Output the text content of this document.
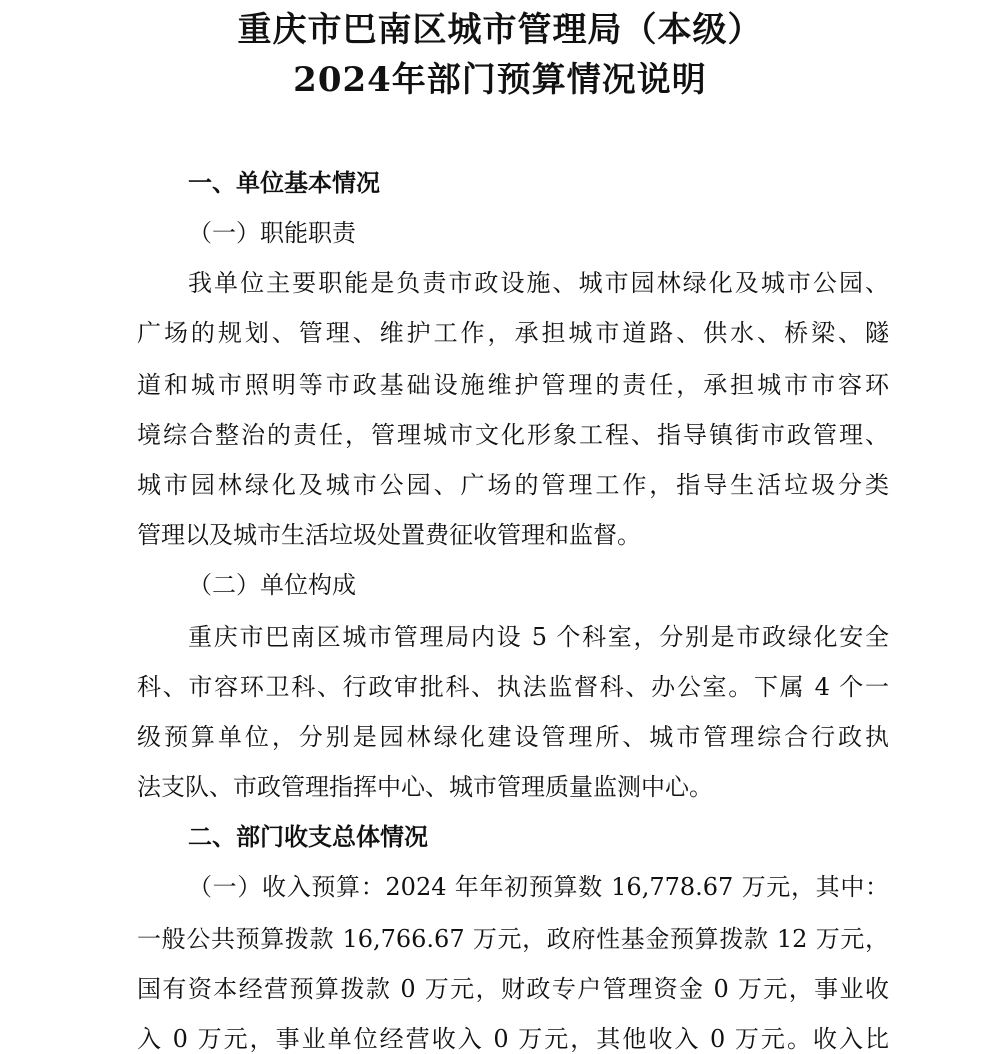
重庆市巴南区城市管理局（本级）
2024年部门预算情况说明
一、单位基本情况
（一）职能职责
我单位主要职能是负责市政设施、城市园林绿化及城市公园、
广场的规划、管理、维护工作，承担城市道路、供水、桥梁、隧
道和城市照明等市政基础设施维护管理的责任，承担城市市容环
境综合整治的责任，管理城市文化形象工程、指导镇街市政管理、
城市园林绿化及城市公园、广场的管理工作，指导生活垃圾分类
管理以及城市生活垃圾处置费征收管理和监督。
（二）单位构成
重庆市巴南区城市管理局内设 5 个科室，分别是市政绿化安全
科、市容环卫科、行政审批科、执法监督科、办公室。下属 4 个一
级预算单位，分别是园林绿化建设管理所、城市管理综合行政执
法支队、市政管理指挥中心、城市管理质量监测中心。
二、部门收支总体情况
（一）收入预算：2024 年年初预算数 16,778.67 万元，其中：
一般公共预算拨款 16,766.67 万元，政府性基金预算拨款 12 万元，
国有资本经营预算拨款 0 万元，财政专户管理资金 0 万元，事业收
入 0 万元，事业单位经营收入 0 万元，其他收入 0 万元。收入比
